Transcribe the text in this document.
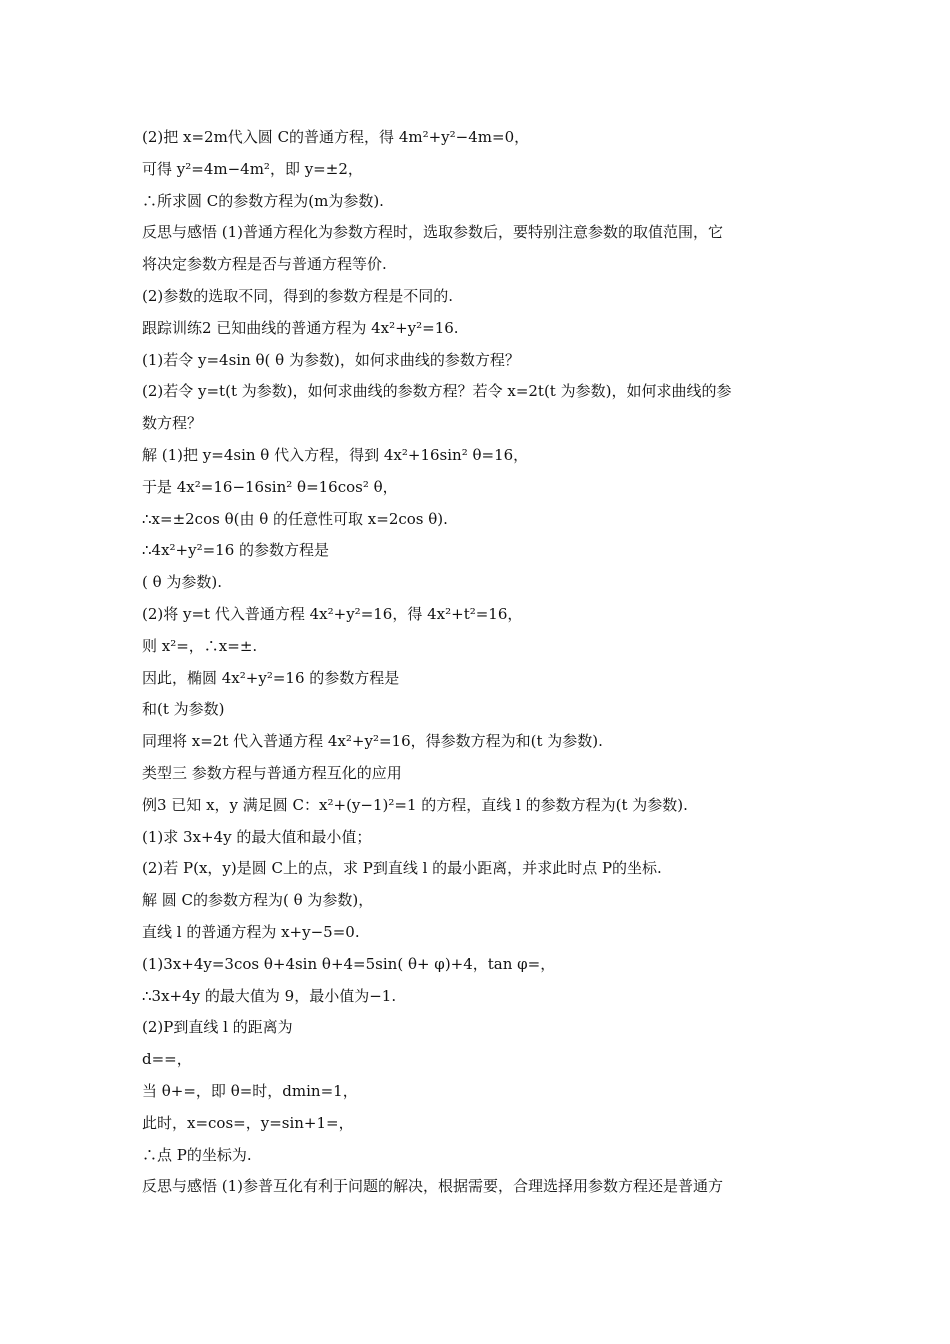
(2)把 x=2m代入圆 C的普通方程，得 4m²+y²−4m=0，
可得 y²=4m−4m²，即 y=±2，
∴所求圆 C的参数方程为(m为参数).
反思与感悟 (1)普通方程化为参数方程时，选取参数后，要特别注意参数的取值范围，它
将决定参数方程是否与普通方程等价.
(2)参数的选取不同，得到的参数方程是不同的.
跟踪训练2 已知曲线的普通方程为 4x²+y²=16.
(1)若令 y=4sin θ( θ 为参数)，如何求曲线的参数方程？
(2)若令 y=t(t 为参数)，如何求曲线的参数方程？若令 x=2t(t 为参数)，如何求曲线的参
数方程？
解 (1)把 y=4sin θ 代入方程，得到 4x²+16sin² θ=16，
于是 4x²=16−16sin² θ=16cos² θ，
∴x=±2cos θ(由 θ 的任意性可取 x=2cos θ).
∴4x²+y²=16 的参数方程是
( θ 为参数).
(2)将 y=t 代入普通方程 4x²+y²=16，得 4x²+t²=16，
则 x²=，∴x=±.
因此，椭圆 4x²+y²=16 的参数方程是
和(t 为参数)
同理将 x=2t 代入普通方程 4x²+y²=16，得参数方程为和(t 为参数).
类型三 参数方程与普通方程互化的应用
例3 已知 x，y 满足圆 C：x²+(y−1)²=1 的方程，直线 l 的参数方程为(t 为参数).
(1)求 3x+4y 的最大值和最小值；
(2)若 P(x，y)是圆 C上的点，求 P到直线 l 的最小距离，并求此时点 P的坐标.
解 圆 C的参数方程为( θ 为参数)，
直线 l 的普通方程为 x+y−5=0.
(1)3x+4y=3cos θ+4sin θ+4=5sin( θ+ φ)+4，tan φ=，
∴3x+4y 的最大值为 9，最小值为−1.
(2)P到直线 l 的距离为
d==，
当 θ+=，即 θ=时，dmin=1，
此时，x=cos=，y=sin+1=，
∴点 P的坐标为.
反思与感悟 (1)参普互化有利于问题的解决，根据需要，合理选择用参数方程还是普通方
